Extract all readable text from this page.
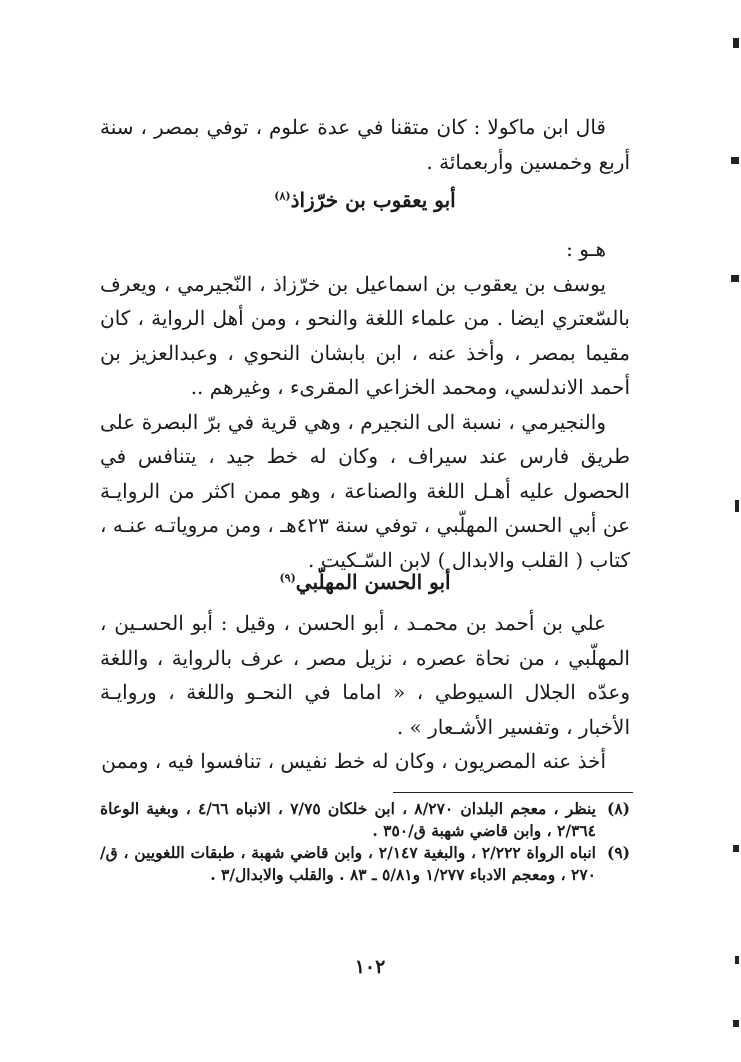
قال ابن ماكولا : كان متقنا في عدة علوم ، توفي بمصر ، سنة أربع وخمسين وأربعمائة .

أبو يعقوب بن خرّزاذ$^{(٨)}$

هـو :

يوسف بن يعقوب بن اسماعيل بن خرّزاذ ، النّجيرمي ، ويعرف بالسّعتري ايضا . من علماء اللغة والنحو ، ومن أهل الرواية ، كان مقيما بمصر ، وأخذ عنه ، ابن بابشان النحوي ، وعبدالعزيز بن أحمد الاندلسي، ومحمد الخزاعي المقرىء ، وغيرهم ..

والنجيرمي ، نسبة الى النجيرم ، وهي قرية في برّ البصرة على طريق فارس عند سيراف ، وكان له خط جيد ، يتنافس في الحصول عليه أهـل اللغة والصناعة ، وهو ممن اكثر من الروايـة عن أبي الحسن المهلّبي ، توفي سنة ٤٢٣هـ ، ومن مروياتـه عنـه ، كتاب ( القلب والابدال ) لابن السّـكيت .

أبو الحسن المهلّبي$^{(٩)}$

علي بن أحمد بن محمـد ، أبو الحسن ، وقيل : أبو الحسـين ، المهلّبي ، من نحاة عصره ، نزيل مصر ، عرف بالرواية ، واللغة وعدّه الجلال السيوطي ، « اماما في النحـو واللغة ، وروايـة الأخبار ، وتفسير الأشـعار » .

أخذ عنه المصريون ، وكان له خط نفيس ، تنافسوا فيه ، وممن

(٨)
ينظر ، معجم البلدان ٨/٢٧٠ ، ابن خلكان ٧/٧٥ ، الانباه ٤/٦٦ ، وبغية الوعاة ٢/٣٦٤ ، وابن قاضي شهبة ق/٣٥٠ .
(٩)
انباه الرواة ٢/٢٢٢ ، والبغية ٢/١٤٧ ، وابن قاضي شهبة ، طبقات اللغويين ، ق/٢٧٠ ، ومعجم الادباء ١/٢٧٧ و٥/٨١ ـ ٨٣ . والقلب والابدال/٣ .
١٠٢
